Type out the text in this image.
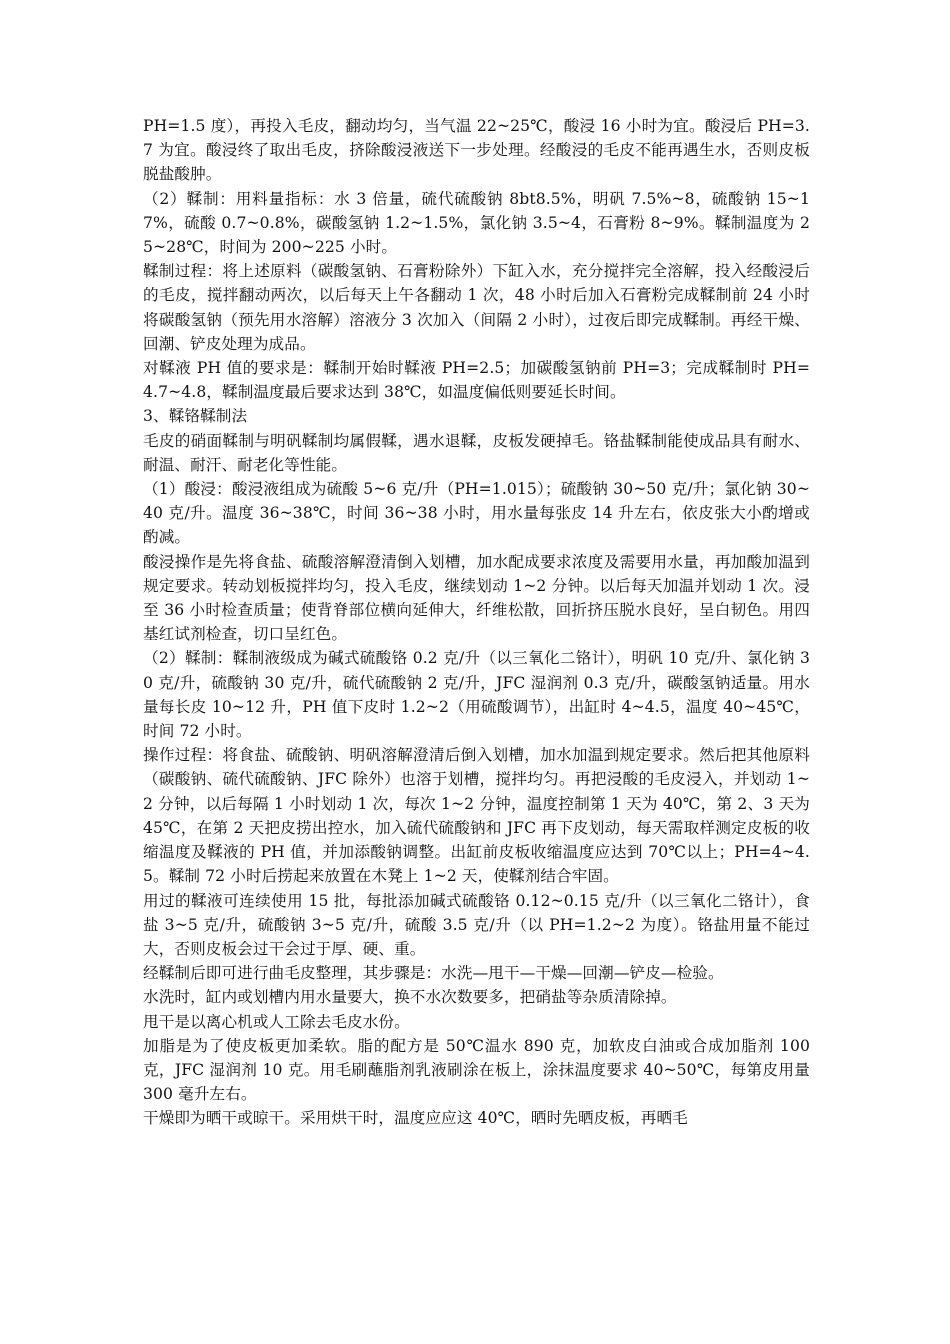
PH=1.5 度），再投入毛皮，翻动均匀，当气温 22~25℃，酸浸 16 小时为宜。酸浸后 PH=3.7 为宜。酸浸终了取出毛皮，挤除酸浸液送下一步处理。经酸浸的毛皮不能再遇生水，否则皮板脱盐酸肿。

（2）鞣制：用料量指标：水 3 倍量，硫代硫酸钠 8bt8.5%，明矾 7.5%~8，硫酸钠 15~17%，硫酸 0.7~0.8%，碳酸氢钠 1.2~1.5%，氯化钠 3.5~4，石膏粉 8~9%。鞣制温度为 25~28℃，时间为 200~225 小时。

鞣制过程：将上述原料（碳酸氢钠、石膏粉除外）下缸入水，充分搅拌完全溶解，投入经酸浸后的毛皮，搅拌翻动两次，以后每天上午各翻动 1 次，48 小时后加入石膏粉完成鞣制前 24 小时将碳酸氢钠（预先用水溶解）溶液分 3 次加入（间隔 2 小时），过夜后即完成鞣制。再经干燥、回潮、铲皮处理为成品。

对鞣液 PH 值的要求是：鞣制开始时鞣液 PH=2.5；加碳酸氢钠前 PH=3；完成鞣制时 PH=4.7~4.8，鞣制温度最后要求达到 38℃，如温度偏低则要延长时间。

3、鞣铬鞣制法

毛皮的硝面鞣制与明矾鞣制均属假鞣，遇水退鞣，皮板发硬掉毛。铬盐鞣制能使成品具有耐水、耐温、耐汗、耐老化等性能。

（1）酸浸：酸浸液组成为硫酸 5~6 克/升（PH=1.015）；硫酸钠 30~50 克/升；氯化钠 30~40 克/升。温度 36~38℃，时间 36~38 小时，用水量每张皮 14 升左右，依皮张大小酌增或酌减。

酸浸操作是先将食盐、硫酸溶解澄清倒入划槽，加水配成要求浓度及需要用水量，再加酸加温到规定要求。转动划板搅拌均匀，投入毛皮，继续划动 1~2 分钟。以后每天加温并划动 1 次。浸至 36 小时检查质量；使背脊部位横向延伸大，纤维松散，回折挤压脱水良好，呈白韧色。用四基红试剂检查，切口呈红色。

（2）鞣制：鞣制液级成为碱式硫酸铬 0.2 克/升（以三氧化二铬计），明矾 10 克/升、氯化钠 30 克/升，硫酸钠 30 克/升，硫代硫酸钠 2 克/升，JFC 湿润剂 0.3 克/升，碳酸氢钠适量。用水量每长皮 10~12 升，PH 值下皮时 1.2~2（用硫酸调节），出缸时 4~4.5，温度 40~45℃，时间 72 小时。

操作过程：将食盐、硫酸钠、明矾溶解澄清后倒入划槽，加水加温到规定要求。然后把其他原料（碳酸钠、硫代硫酸钠、JFC 除外）也溶于划槽，搅拌均匀。再把浸酸的毛皮浸入，并划动 1~2 分钟，以后每隔 1 小时划动 1 次，每次 1~2 分钟，温度控制第 1 天为 40℃，第 2、3 天为 45℃，在第 2 天把皮捞出控水，加入硫代硫酸钠和 JFC 再下皮划动，每天需取样测定皮板的收缩温度及鞣液的 PH 值，并加添酸钠调整。出缸前皮板收缩温度应达到 70℃以上；PH=4~4.5。鞣制 72 小时后捞起来放置在木凳上 1~2 天，使鞣剂结合牢固。

用过的鞣液可连续使用 15 批，每批添加碱式硫酸铬 0.12~0.15 克/升（以三氧化二铬计），食盐 3~5 克/升，硫酸钠 3~5 克/升，硫酸 3.5 克/升（以 PH=1.2~2 为度）。铬盐用量不能过大，否则皮板会过干会过于厚、硬、重。

经鞣制后即可进行曲毛皮整理，其步骤是：水洗—甩干—干燥—回潮—铲皮—检验。

水洗时，缸内或划槽内用水量要大，换不水次数要多，把硝盐等杂质清除掉。

甩干是以离心机或人工除去毛皮水份。

加脂是为了使皮板更加柔软。脂的配方是 50℃温水 890 克，加软皮白油或合成加脂剂 100 克，JFC 湿润剂 10 克。用毛刷蘸脂剂乳液刷涂在板上，涂抹温度要求 40~50℃，每第皮用量 300 毫升左右。

干燥即为晒干或晾干。采用烘干时，温度应应这 40℃，晒时先晒皮板，再晒毛
